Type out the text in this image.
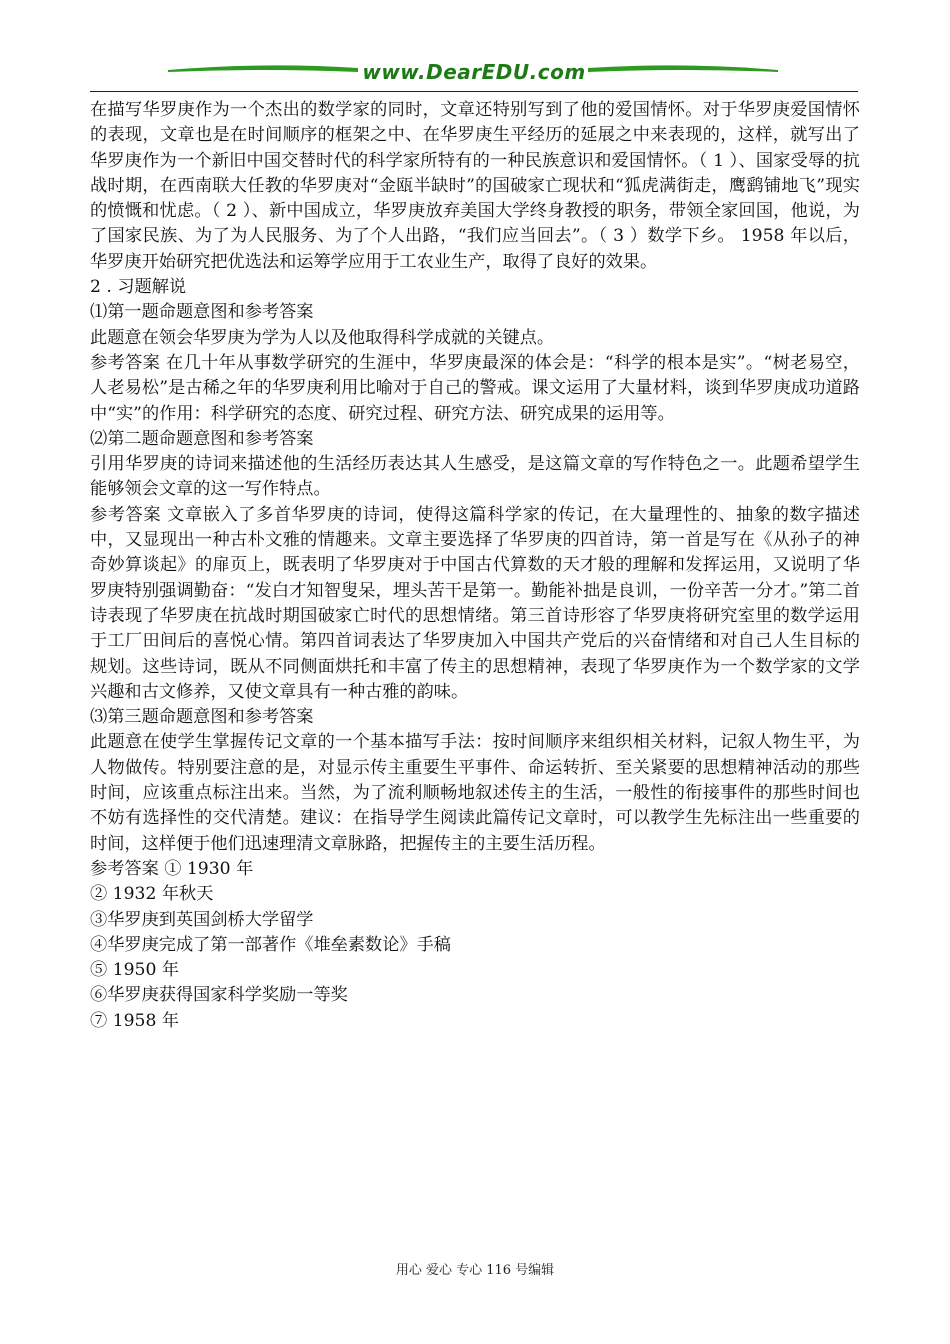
www.DearEDU.com

在描写华罗庚作为一个杰出的数学家的同时，文章还特别写到了他的爱国情怀。对于华罗庚爱国情怀的表现，文章也是在时间顺序的框架之中、在华罗庚生平经历的延展之中来表现的，这样，就写出了华罗庚作为一个新旧中国交替时代的科学家所特有的一种民族意识和爱国情怀。（ 1 ）、国家受辱的抗战时期，在西南联大任教的华罗庚对“金瓯半缺时”的国破家亡现状和“狐虎满街走，鹰鹞铺地飞”现实的愤慨和忧虑。（ 2 ）、新中国成立，华罗庚放弃美国大学终身教授的职务，带领全家回国，他说，为了国家民族、为了为人民服务、为了个人出路，“我们应当回去”。（ 3 ）数学下乡。 1958 年以后，华罗庚开始研究把优选法和运筹学应用于工农业生产，取得了良好的效果。

2 . 习题解说

⑴第一题命题意图和参考答案

此题意在领会华罗庚为学为人以及他取得科学成就的关键点。

参考答案 在几十年从事数学研究的生涯中，华罗庚最深的体会是：“科学的根本是实”。“树老易空，人老易松”是古稀之年的华罗庚利用比喻对于自己的警戒。课文运用了大量材料，谈到华罗庚成功道路中“实”的作用：科学研究的态度、研究过程、研究方法、研究成果的运用等。

⑵第二题命题意图和参考答案

引用华罗庚的诗词来描述他的生活经历表达其人生感受，是这篇文章的写作特色之一。此题希望学生能够领会文章的这一写作特点。

参考答案 文章嵌入了多首华罗庚的诗词，使得这篇科学家的传记，在大量理性的、抽象的数字描述中，又显现出一种古朴文雅的情趣来。文章主要选择了华罗庚的四首诗，第一首是写在《从孙子的神奇妙算谈起》的扉页上，既表明了华罗庚对于中国古代算数的天才般的理解和发挥运用，又说明了华罗庚特别强调勤奋：“发白才知智叟呆，埋头苦干是第一。勤能补拙是良训，一份辛苦一分才。”第二首诗表现了华罗庚在抗战时期国破家亡时代的思想情绪。第三首诗形容了华罗庚将研究室里的数学运用于工厂田间后的喜悦心情。第四首词表达了华罗庚加入中国共产党后的兴奋情绪和对自己人生目标的规划。这些诗词，既从不同侧面烘托和丰富了传主的思想精神，表现了华罗庚作为一个数学家的文学兴趣和古文修养，又使文章具有一种古雅的韵味。

⑶第三题命题意图和参考答案

此题意在使学生掌握传记文章的一个基本描写手法：按时间顺序来组织相关材料，记叙人物生平，为人物做传。特别要注意的是，对显示传主重要生平事件、命运转折、至关紧要的思想精神活动的那些时间，应该重点标注出来。当然，为了流利顺畅地叙述传主的生活，一般性的衔接事件的那些时间也不妨有选择性的交代清楚。建议：在指导学生阅读此篇传记文章时，可以教学生先标注出一些重要的时间，这样便于他们迅速理清文章脉路，把握传主的主要生活历程。

参考答案 ① 1930 年

② 1932 年秋天

③华罗庚到英国剑桥大学留学

④华罗庚完成了第一部著作《堆垒素数论》手稿

⑤ 1950 年

⑥华罗庚获得国家科学奖励一等奖

⑦ 1958 年

用心 爱心 专心 116 号编辑
